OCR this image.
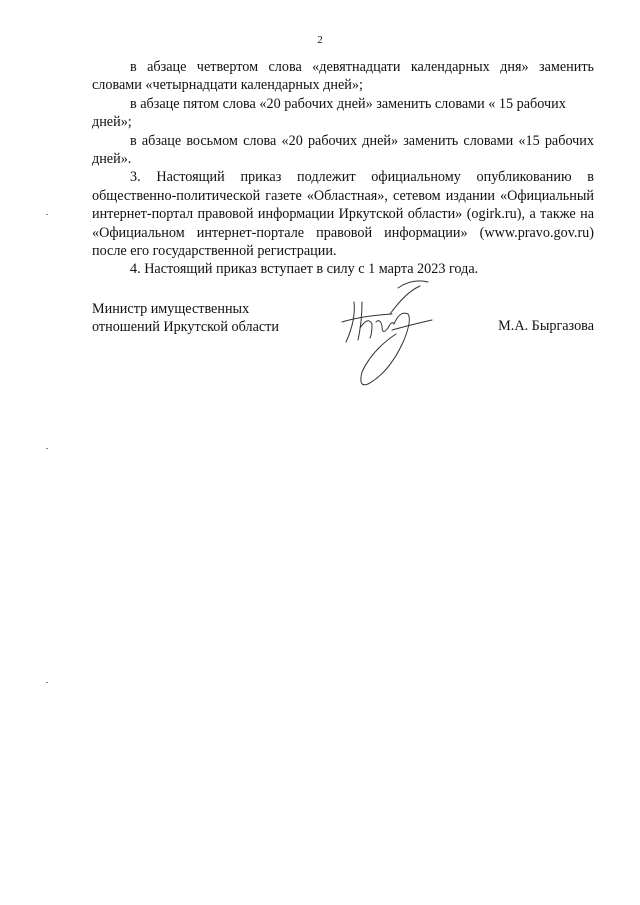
2

в абзаце четвертом слова «девятнадцати календарных дня» заменить словами «четырнадцати календарных дней»;

в абзаце пятом слова «20 рабочих дней» заменить словами « 15 рабочих дней»;

в абзаце восьмом слова «20 рабочих дней» заменить словами «15 рабочих дней».

3. Настоящий приказ подлежит официальному опубликованию в общественно-политической газете «Областная», сетевом издании «Официальный интернет-портал правовой информации Иркутской области» (ogirk.ru), а также на «Официальном интернет-портале правовой информации» (www.pravo.gov.ru) после его государственной регистрации.

4. Настоящий приказ вступает в силу с 1 марта 2023 года.

Министр имущественных
отношений Иркутской области	М.А. Быргазова
